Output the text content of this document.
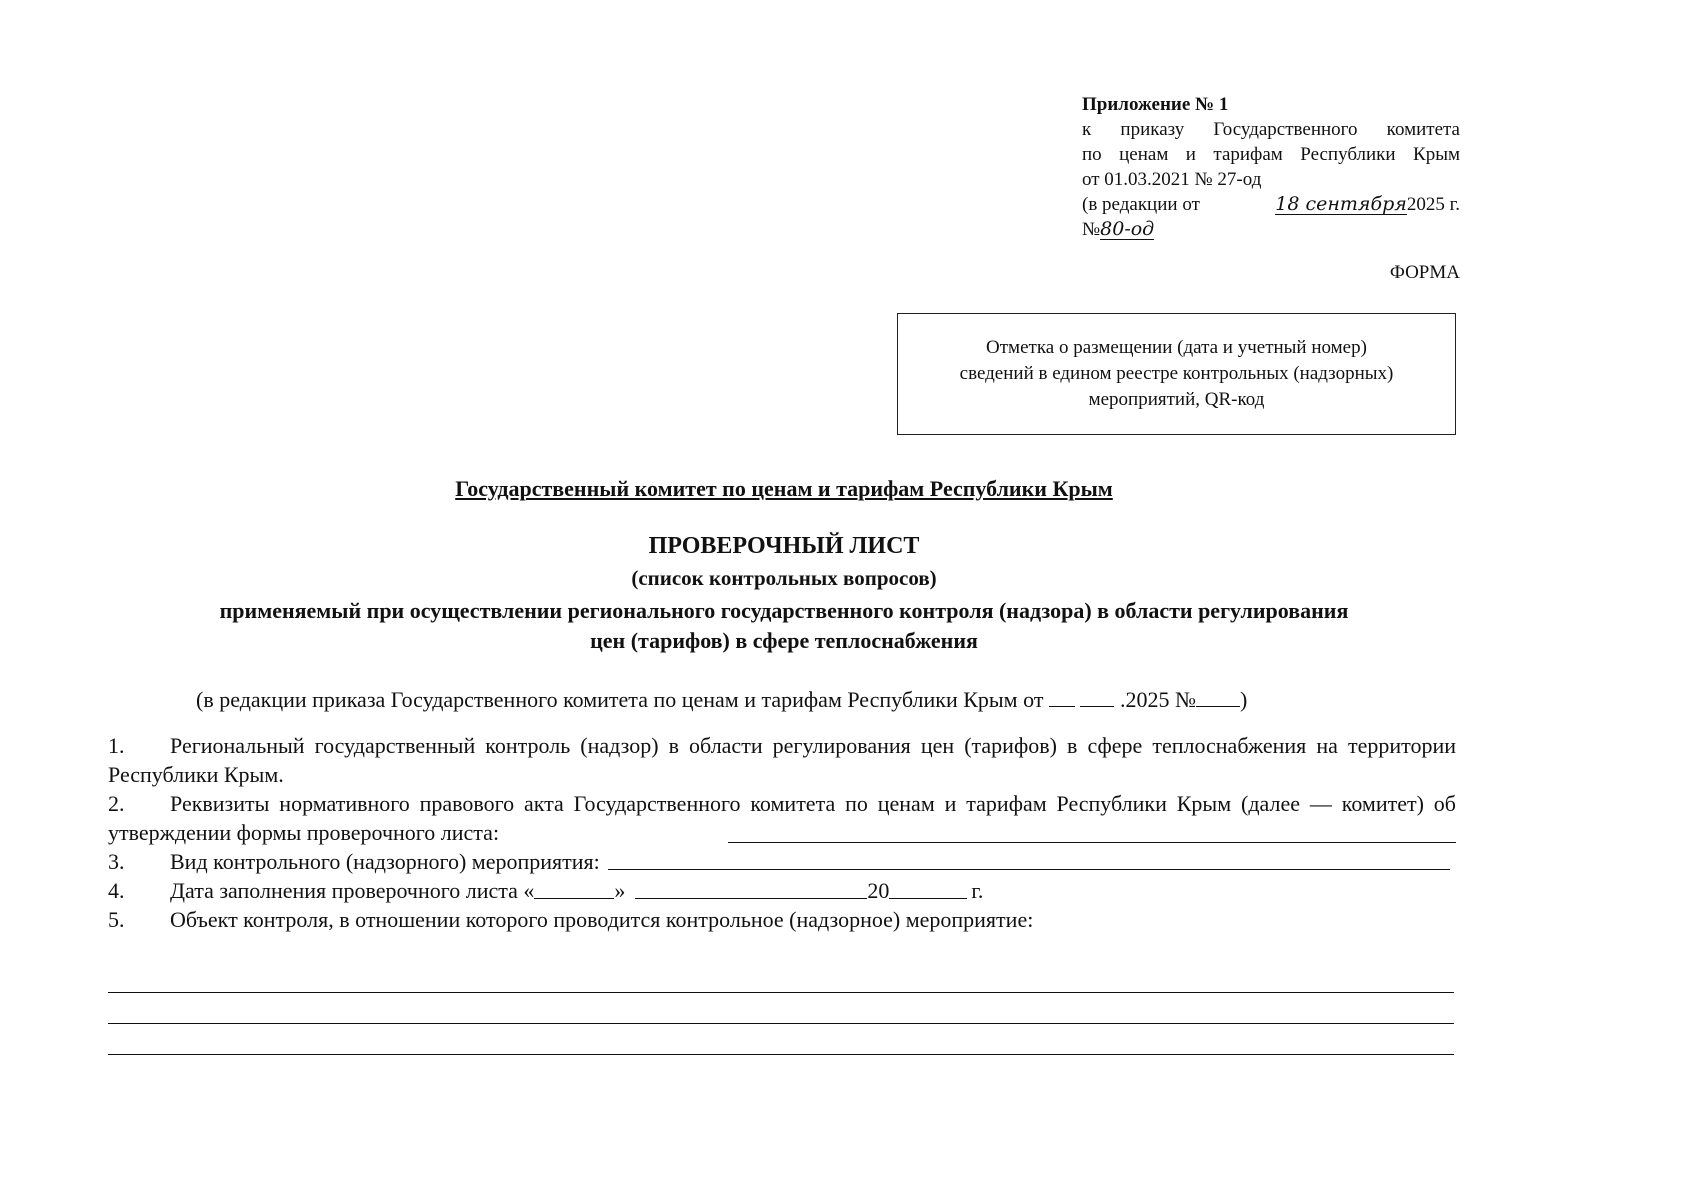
Приложение № 1
к приказу Государственного комитета
по ценам и тарифам Республики Крым
от 01.03.2021 № 27-од
(в редакции от	18 сентября2025 г.
№80-од
ФОРМА
Отметка о размещении (дата и учетный номер)
сведений в едином реестре контрольных (надзорных)
мероприятий, QR-код
Государственный комитет по ценам и тарифам Республики Крым
ПРОВЕРОЧНЫЙ ЛИСТ
(список контрольных вопросов)
применяемый при осуществлении регионального государственного контроля (надзора) в области регулирования
цен (тарифов) в сфере теплоснабжения
(в редакции приказа Государственного комитета по ценам и тарифам Республики Крым от	.2025 № )
1. Региональный государственный контроль (надзор) в области регулирования цен (тарифов) в сфере теплоснабжения на территории Республики Крым.
2. Реквизиты нормативного правового акта Государственного комитета по ценам и тарифам Республики Крым (далее — комитет) об утверждении формы проверочного листа:
3.	Вид контрольного (надзорного) мероприятия:
4.	Дата заполнения проверочного листа «	»	20	г.
5.	Объект контроля, в отношении которого проводится контрольное (надзорное) мероприятие:
